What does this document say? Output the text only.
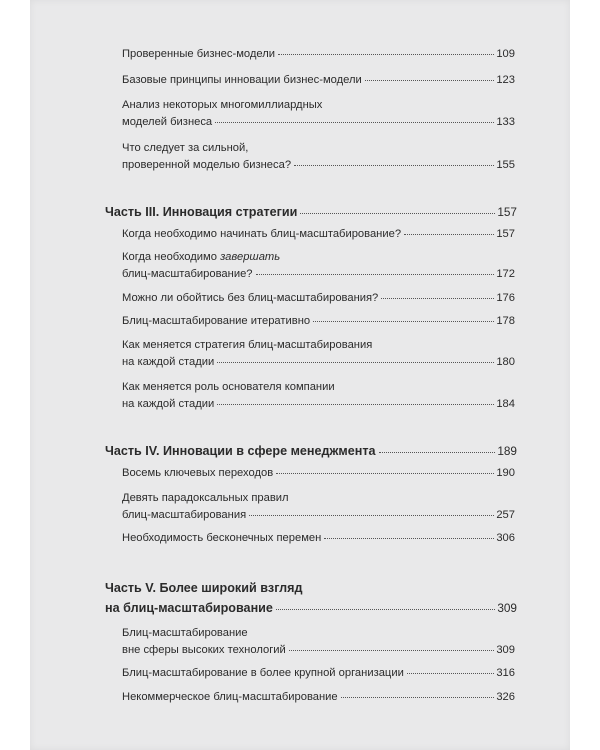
Проверенные бизнес-модели	109
Базовые принципы инновации бизнес-модели	123
Анализ некоторых многомиллиардных
моделей бизнеса	133
Что следует за сильной,
проверенной моделью бизнеса?	155
Часть III. Инновация стратегии	157
Когда необходимо начинать блиц-масштабирование?	157
Когда необходимо
завершать
блиц-масштабирование?	172
Можно ли обойтись без блиц-масштабирования?	176
Блиц-масштабирование итеративно	178
Как меняется стратегия блиц-масштабирования
на каждой стадии	180
Как меняется роль основателя компании
на каждой стадии	184
Часть IV. Инновации в сфере менеджмента	189
Восемь ключевых переходов	190
Девять парадоксальных правил
блиц-масштабирования	257
Необходимость бесконечных перемен	306
Часть V. Более широкий взгляд
на блиц-масштабирование	309
Блиц-масштабирование
вне сферы высоких технологий	309
Блиц-масштабирование в более крупной организации	316
Некоммерческое блиц-масштабирование	326
